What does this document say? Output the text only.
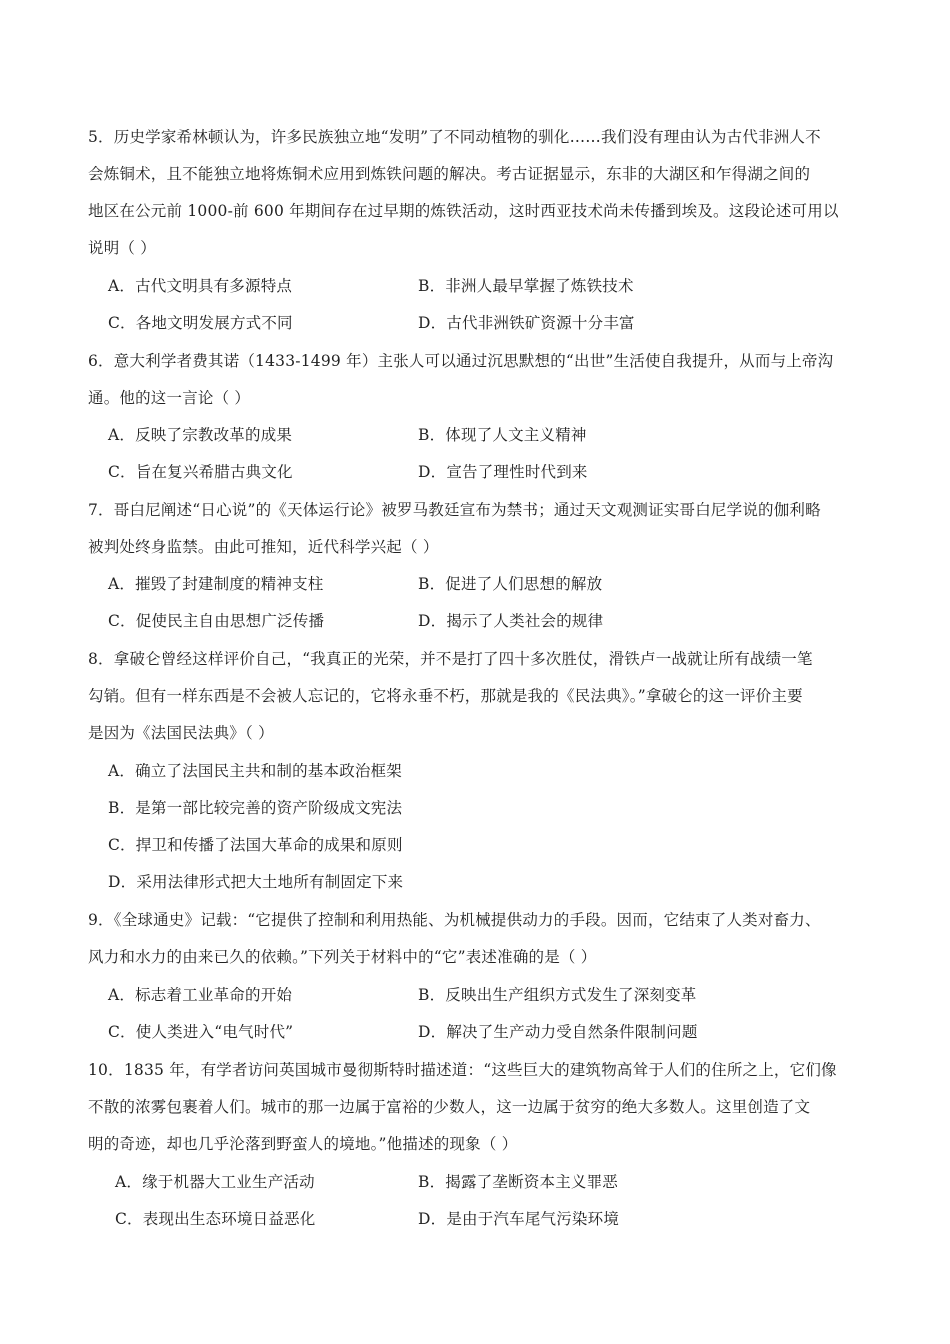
5．历史学家希林顿认为，许多民族独立地“发明”了不同动植物的驯化……我们没有理由认为古代非洲人不
会炼铜术，且不能独立地将炼铜术应用到炼铁问题的解决。考古证据显示，东非的大湖区和乍得湖之间的
地区在公元前 1000-前 600 年期间存在过早期的炼铁活动，这时西亚技术尚未传播到埃及。这段论述可用以
说明（ ）
A．古代文明具有多源特点	B．非洲人最早掌握了炼铁技术
C．各地文明发展方式不同	D．古代非洲铁矿资源十分丰富
6．意大利学者费其诺（1433-1499 年）主张人可以通过沉思默想的“出世”生活使自我提升，从而与上帝沟
通。他的这一言论（ ）
A．反映了宗教改革的成果	B．体现了人文主义精神
C．旨在复兴希腊古典文化	D．宣告了理性时代到来
7．哥白尼阐述“日心说”的《天体运行论》被罗马教廷宣布为禁书；通过天文观测证实哥白尼学说的伽利略
被判处终身监禁。由此可推知，近代科学兴起（ ）
A．摧毁了封建制度的精神支柱	B．促进了人们思想的解放
C．促使民主自由思想广泛传播	D．揭示了人类社会的规律
8．拿破仑曾经这样评价自己，“我真正的光荣，并不是打了四十多次胜仗，滑铁卢一战就让所有战绩一笔
勾销。但有一样东西是不会被人忘记的，它将永垂不朽，那就是我的《民法典》。”拿破仑的这一评价主要
是因为《法国民法典》（ ）
A．确立了法国民主共和制的基本政治框架
B．是第一部比较完善的资产阶级成文宪法
C．捍卫和传播了法国大革命的成果和原则
D．采用法律形式把大土地所有制固定下来
9．《全球通史》记载：“它提供了控制和利用热能、为机械提供动力的手段。因而，它结束了人类对畜力、
风力和水力的由来已久的依赖。”下列关于材料中的“它”表述准确的是（ ）
A．标志着工业革命的开始	B．反映出生产组织方式发生了深刻变革
C．使人类进入“电气时代”	D．解决了生产动力受自然条件限制问题
10．1835 年，有学者访问英国城市曼彻斯特时描述道：“这些巨大的建筑物高耸于人们的住所之上，它们像
不散的浓雾包裹着人们。城市的那一边属于富裕的少数人，这一边属于贫穷的绝大多数人。这里创造了文
明的奇迹，却也几乎沦落到野蛮人的境地。”他描述的现象（ ）
A．缘于机器大工业生产活动	B．揭露了垄断资本主义罪恶
C．表现出生态环境日益恶化	D．是由于汽车尾气污染环境
